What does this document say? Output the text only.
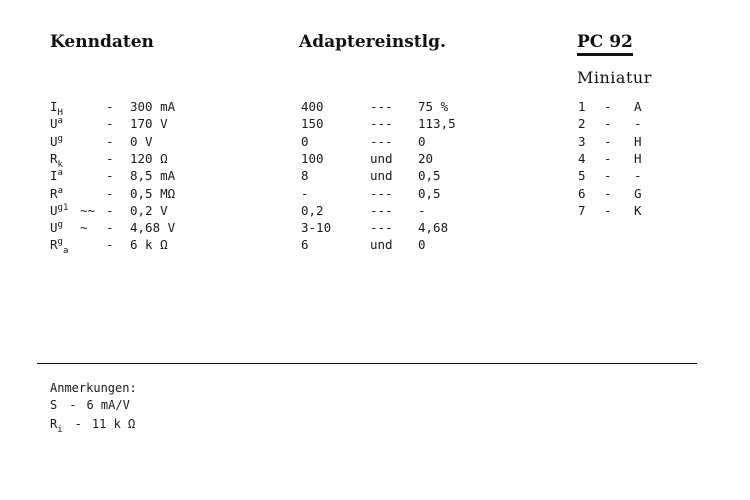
Kenndaten	Adaptereinstlg.	PC 92
Miniatur
$I_H$	-	300 mA	400	--- 75 %
$U^a$	-	170 V	150	--- 113,5
$U^g$	-	0 V	0	--- 0
$R_k$	-	120 Ω	100	und 20
$I^a$	-	8,5 mA	8	und 0,5
$R^a$	-	0,5 MΩ	-	--- 0,5
$U^{g1}$ ~~ -	0,2 V	0,2	--- -
$U^g$	~	-	4,68 V	3-10	--- 4,68
$R^g_a$	-	6 k Ω	6	und 0
1 - A
2 - -
3 - H
4 - H
5 - -
6 - G
7 - K
Anmerkungen:
S - 6 mA/V
$R_i - 11$ k Ω
